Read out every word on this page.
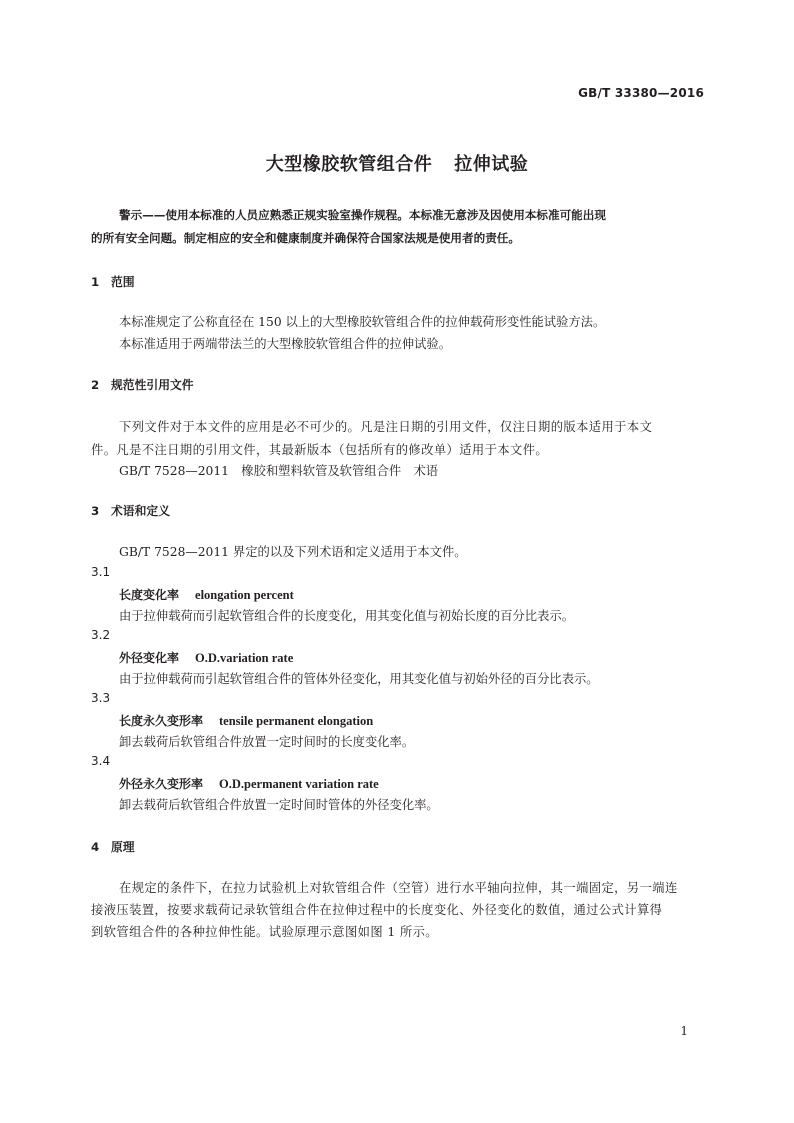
GB/T 33380—2016
大型橡胶软管组合件 拉伸试验
警示——使用本标准的人员应熟悉正规实验室操作规程。本标准无意涉及因使用本标准可能出现
的所有安全问题。制定相应的安全和健康制度并确保符合国家法规是使用者的责任。
1 范围
本标准规定了公称直径在 150 以上的大型橡胶软管组合件的拉伸载荷形变性能试验方法。
本标准适用于两端带法兰的大型橡胶软管组合件的拉伸试验。
2 规范性引用文件
下列文件对于本文件的应用是必不可少的。凡是注日期的引用文件，仅注日期的版本适用于本文
件。凡是不注日期的引用文件，其最新版本（包括所有的修改单）适用于本文件。
GB/T 7528—2011　橡胶和塑料软管及软管组合件　术语
3 术语和定义
GB/T 7528—2011 界定的以及下列术语和定义适用于本文件。
3.1
长度变化率 elongation percent
由于拉伸载荷而引起软管组合件的长度变化，用其变化值与初始长度的百分比表示。
3.2
外径变化率 O.D.variation rate
由于拉伸载荷而引起软管组合件的管体外径变化，用其变化值与初始外径的百分比表示。
3.3
长度永久变形率 tensile permanent elongation
卸去载荷后软管组合件放置一定时间时的长度变化率。
3.4
外径永久变形率 O.D.permanent variation rate
卸去载荷后软管组合件放置一定时间时管体的外径变化率。
4 原理
在规定的条件下，在拉力试验机上对软管组合件（空管）进行水平轴向拉伸，其一端固定，另一端连
接液压装置，按要求载荷记录软管组合件在拉伸过程中的长度变化、外径变化的数值，通过公式计算得
到软管组合件的各种拉伸性能。试验原理示意图如图 1 所示。
1
